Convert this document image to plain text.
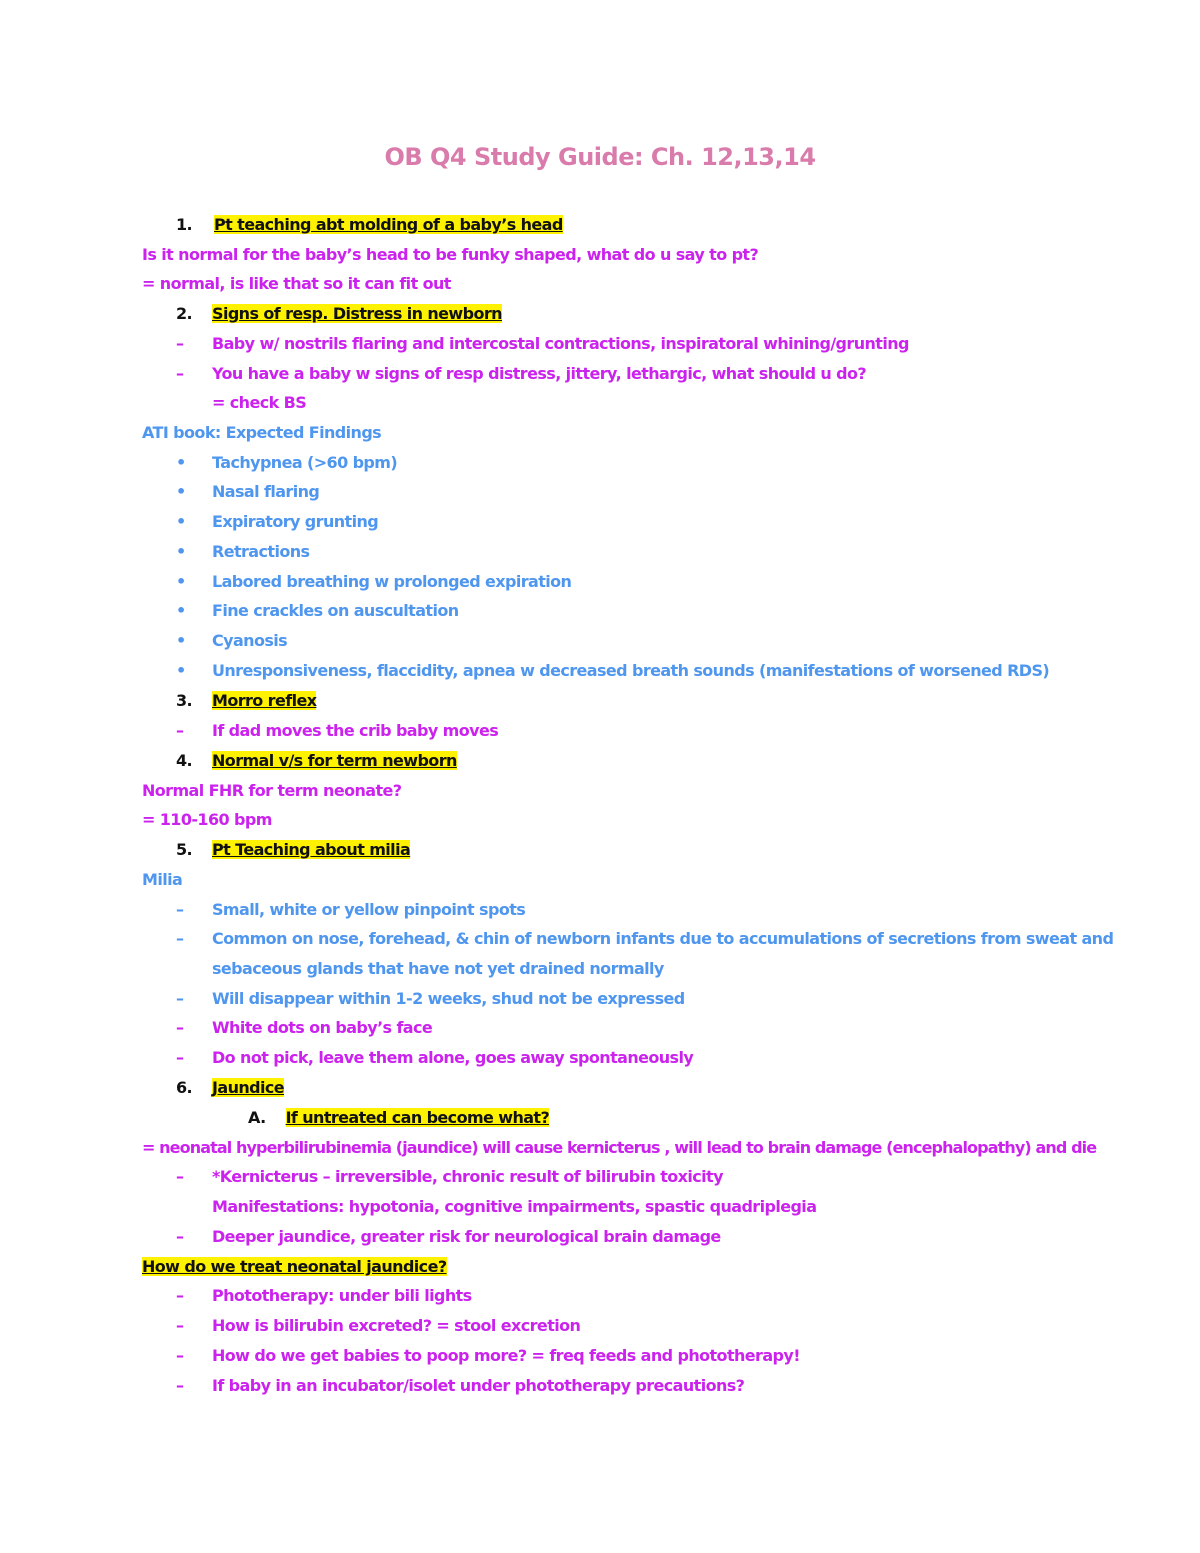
OB Q4 Study Guide: Ch. 12,13,14
1. Pt teaching abt molding of a baby’s head
Is it normal for the baby’s head to be funky shaped, what do u say to pt?
= normal, is like that so it can fit out
2. Signs of resp. Distress in newborn
– Baby w/ nostrils flaring and intercostal contractions, inspiratoral whining/grunting
– You have a baby w signs of resp distress, jittery, lethargic, what should u do?
= check BS
ATI book: Expected Findings
• Tachypnea (>60 bpm)
• Nasal flaring
• Expiratory grunting
• Retractions
• Labored breathing w prolonged expiration
• Fine crackles on auscultation
• Cyanosis
• Unresponsiveness, flaccidity, apnea w decreased breath sounds (manifestations of worsened RDS)
3. Morro reflex
– If dad moves the crib baby moves
4. Normal v/s for term newborn
Normal FHR for term neonate?
= 110-160 bpm
5. Pt Teaching about milia
Milia
– Small, white or yellow pinpoint spots
– Common on nose, forehead, & chin of newborn infants due to accumulations of secretions from sweat and
sebaceous glands that have not yet drained normally
– Will disappear within 1-2 weeks, shud not be expressed
– White dots on baby’s face
– Do not pick, leave them alone, goes away spontaneously
6. Jaundice
A. If untreated can become what?
= neonatal hyperbilirubinemia (jaundice) will cause kernicterus , will lead to brain damage (encephalopathy) and die
– *Kernicterus – irreversible, chronic result of bilirubin toxicity
Manifestations: hypotonia, cognitive impairments, spastic quadriplegia
– Deeper jaundice, greater risk for neurological brain damage
How do we treat neonatal jaundice?
– Phototherapy: under bili lights
– How is bilirubin excreted? = stool excretion
– How do we get babies to poop more? = freq feeds and phototherapy!
– If baby in an incubator/isolet under phototherapy precautions?
